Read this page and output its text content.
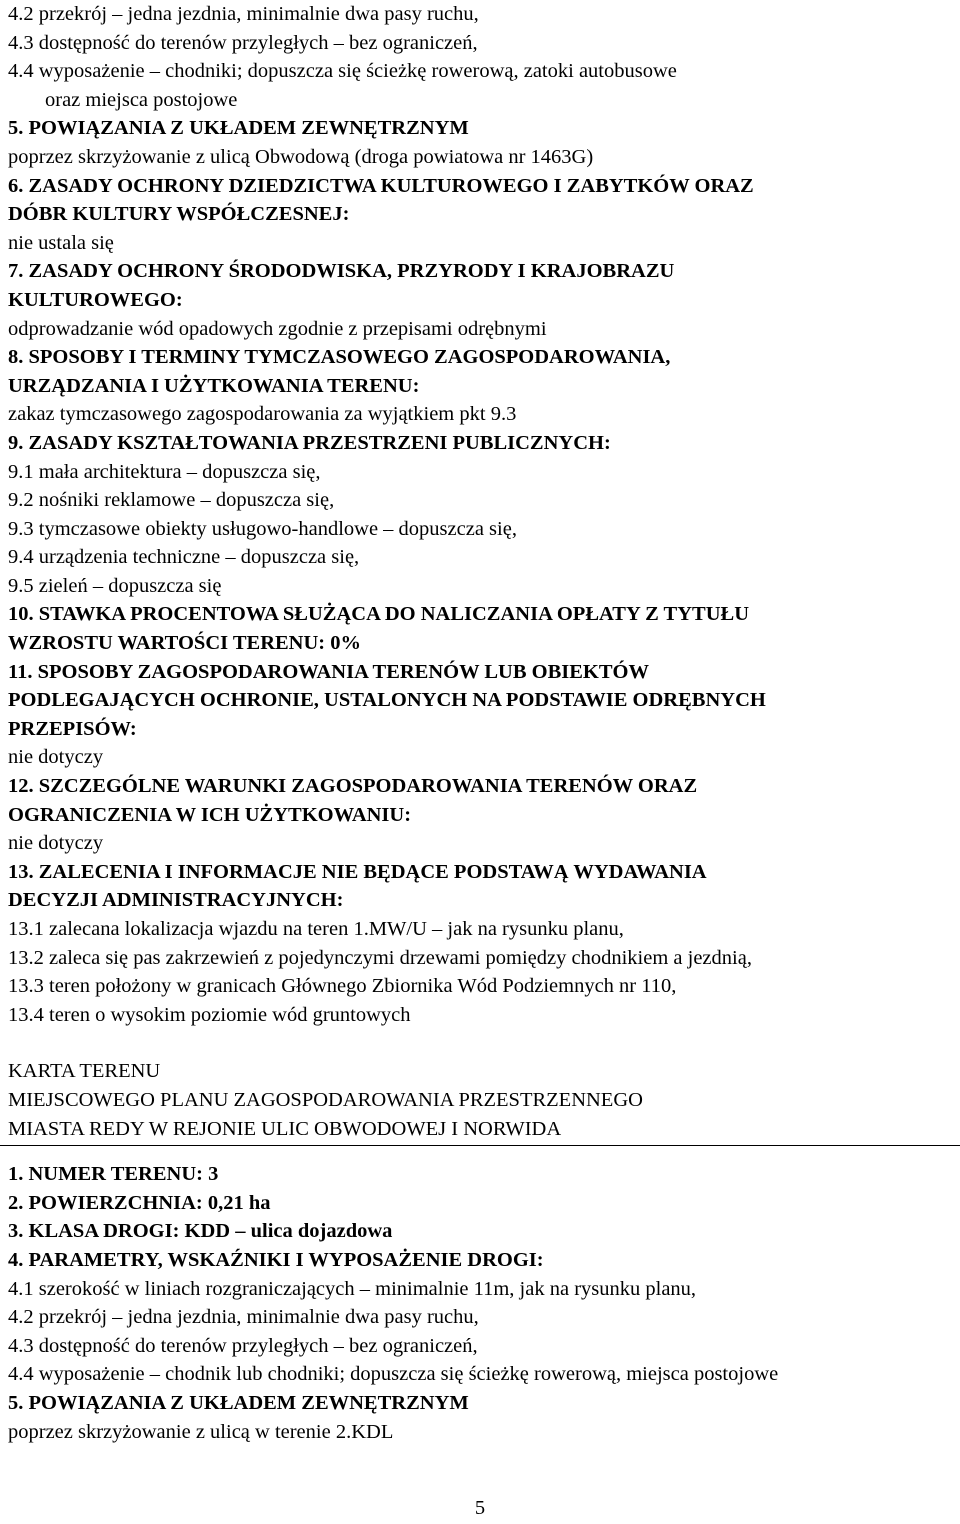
4.2 przekrój – jedna jezdnia, minimalnie dwa pasy ruchu,
4.3 dostępność do terenów przyległych – bez ograniczeń,
4.4 wyposażenie – chodniki; dopuszcza się ścieżkę rowerową, zatoki autobusowe
oraz miejsca postojowe
5. POWIĄZANIA Z UKŁADEM ZEWNĘTRZNYM
poprzez skrzyżowanie z ulicą Obwodową (droga powiatowa nr 1463G)
6. ZASADY OCHRONY DZIEDZICTWA KULTUROWEGO I ZABYTKÓW ORAZ
DÓBR KULTURY WSPÓŁCZESNEJ:
nie ustala się
7. ZASADY OCHRONY ŚRODODWISKA, PRZYRODY I KRAJOBRAZU
KULTUROWEGO:
odprowadzanie wód opadowych zgodnie z przepisami odrębnymi
8. SPOSOBY I TERMINY TYMCZASOWEGO ZAGOSPODAROWANIA,
URZĄDZANIA I UŻYTKOWANIA TERENU:
zakaz tymczasowego zagospodarowania za wyjątkiem pkt 9.3
9. ZASADY KSZTAŁTOWANIA PRZESTRZENI PUBLICZNYCH:
9.1 mała architektura – dopuszcza się,
9.2 nośniki reklamowe – dopuszcza się,
9.3 tymczasowe obiekty usługowo-handlowe – dopuszcza się,
9.4 urządzenia techniczne – dopuszcza się,
9.5 zieleń – dopuszcza się
10. STAWKA PROCENTOWA SŁUŻĄCA DO NALICZANIA OPŁATY Z TYTUŁU
WZROSTU WARTOŚCI TERENU: 0%
11. SPOSOBY ZAGOSPODAROWANIA TERENÓW LUB OBIEKTÓW
PODLEGAJĄCYCH OCHRONIE, USTALONYCH NA PODSTAWIE ODRĘBNYCH
PRZEPISÓW:
nie dotyczy
12. SZCZEGÓLNE WARUNKI ZAGOSPODAROWANIA TERENÓW ORAZ
OGRANICZENIA W ICH UŻYTKOWANIU:
nie dotyczy
13. ZALECENIA I INFORMACJE NIE BĘDĄCE PODSTAWĄ WYDAWANIA
DECYZJI ADMINISTRACYJNYCH:
13.1 zalecana lokalizacja wjazdu na teren 1.MW/U – jak na rysunku planu,
13.2 zaleca się pas zakrzewień z pojedynczymi drzewami pomiędzy chodnikiem a jezdnią,
13.3 teren położony w granicach Głównego Zbiornika Wód Podziemnych nr 110,
13.4 teren o wysokim poziomie wód gruntowych
KARTA TERENU
MIEJSCOWEGO PLANU ZAGOSPODAROWANIA PRZESTRZENNEGO
MIASTA REDY W REJONIE ULIC OBWODOWEJ I NORWIDA
1. NUMER TERENU: 3
2. POWIERZCHNIA: 0,21 ha
3. KLASA DROGI: KDD – ulica dojazdowa
4. PARAMETRY, WSKAŹNIKI I WYPOSAŻENIE DROGI:
4.1 szerokość w liniach rozgraniczających – minimalnie 11m, jak na rysunku planu,
4.2 przekrój – jedna jezdnia, minimalnie dwa pasy ruchu,
4.3 dostępność do terenów przyległych – bez ograniczeń,
4.4 wyposażenie – chodnik lub chodniki; dopuszcza się ścieżkę rowerową, miejsca postojowe
5. POWIĄZANIA Z UKŁADEM ZEWNĘTRZNYM
poprzez skrzyżowanie z ulicą w terenie 2.KDL
5
